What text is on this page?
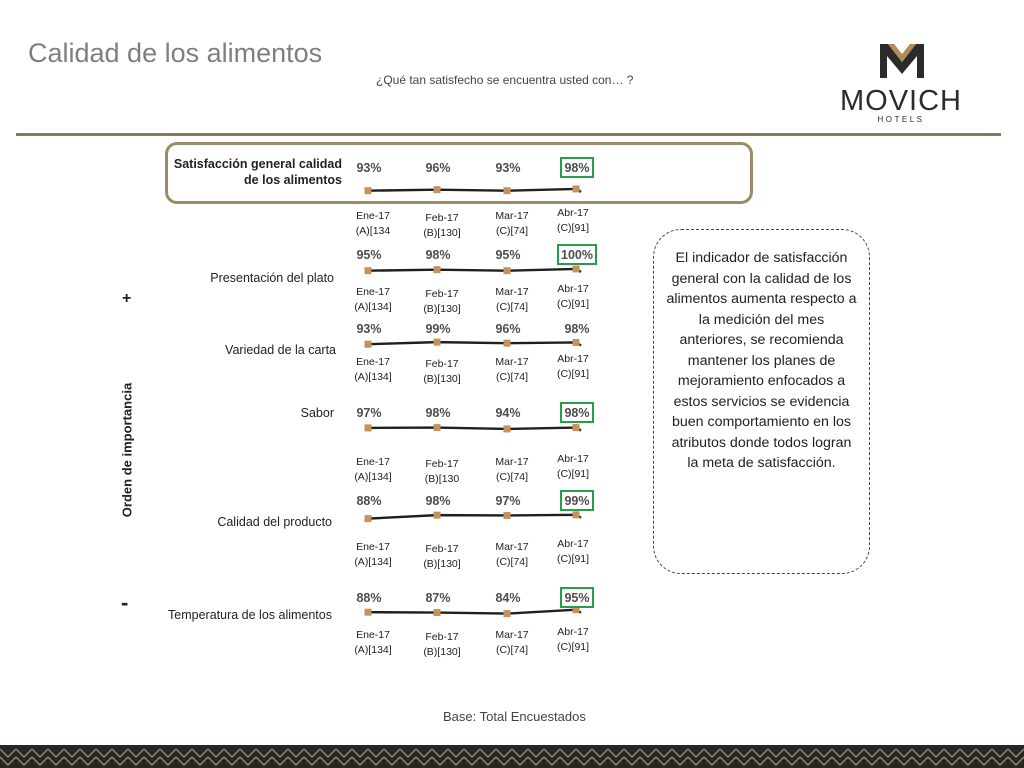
Calidad de los alimentos
¿Qué tan satisfecho se encuentra usted con… ?
MOVICH
HOTELS
+
Orden de importancia
-
Satisfacción general calidad de los alimentos
Presentación del plato
Variedad de la carta
Sabor
Calidad del producto
Temperatura de los alimentos
93%
Ene-17
(A)[134
96%
Feb-17
(B)[130]
93%
Mar-17
(C)[74]
98%
Abr-17
(C)[91]
95%
Ene-17
(A)[134]
98%
Feb-17
(B)[130]
95%
Mar-17
(C)[74]
100%
Abr-17
(C)[91]
93%
Ene-17
(A)[134]
99%
Feb-17
(B)[130]
96%
Mar-17
(C)[74]
98%
Abr-17
(C)[91]
97%
Ene-17
(A)[134]
98%
Feb-17
(B)[130
94%
Mar-17
(C)[74]
98%
Abr-17
(C)[91]
88%
Ene-17
(A)[134]
98%
Feb-17
(B)[130]
97%
Mar-17
(C)[74]
99%
Abr-17
(C)[91]
88%
Ene-17
(A)[134]
87%
Feb-17
(B)[130]
84%
Mar-17
(C)[74]
95%
Abr-17
(C)[91]
El indicador de satisfacción general con la calidad de los alimentos aumenta respecto a la medición del mes anteriores, se recomienda mantener los planes de mejoramiento enfocados a estos servicios se evidencia buen comportamiento en los atributos donde todos logran la meta de satisfacción.
Base: Total Encuestados
